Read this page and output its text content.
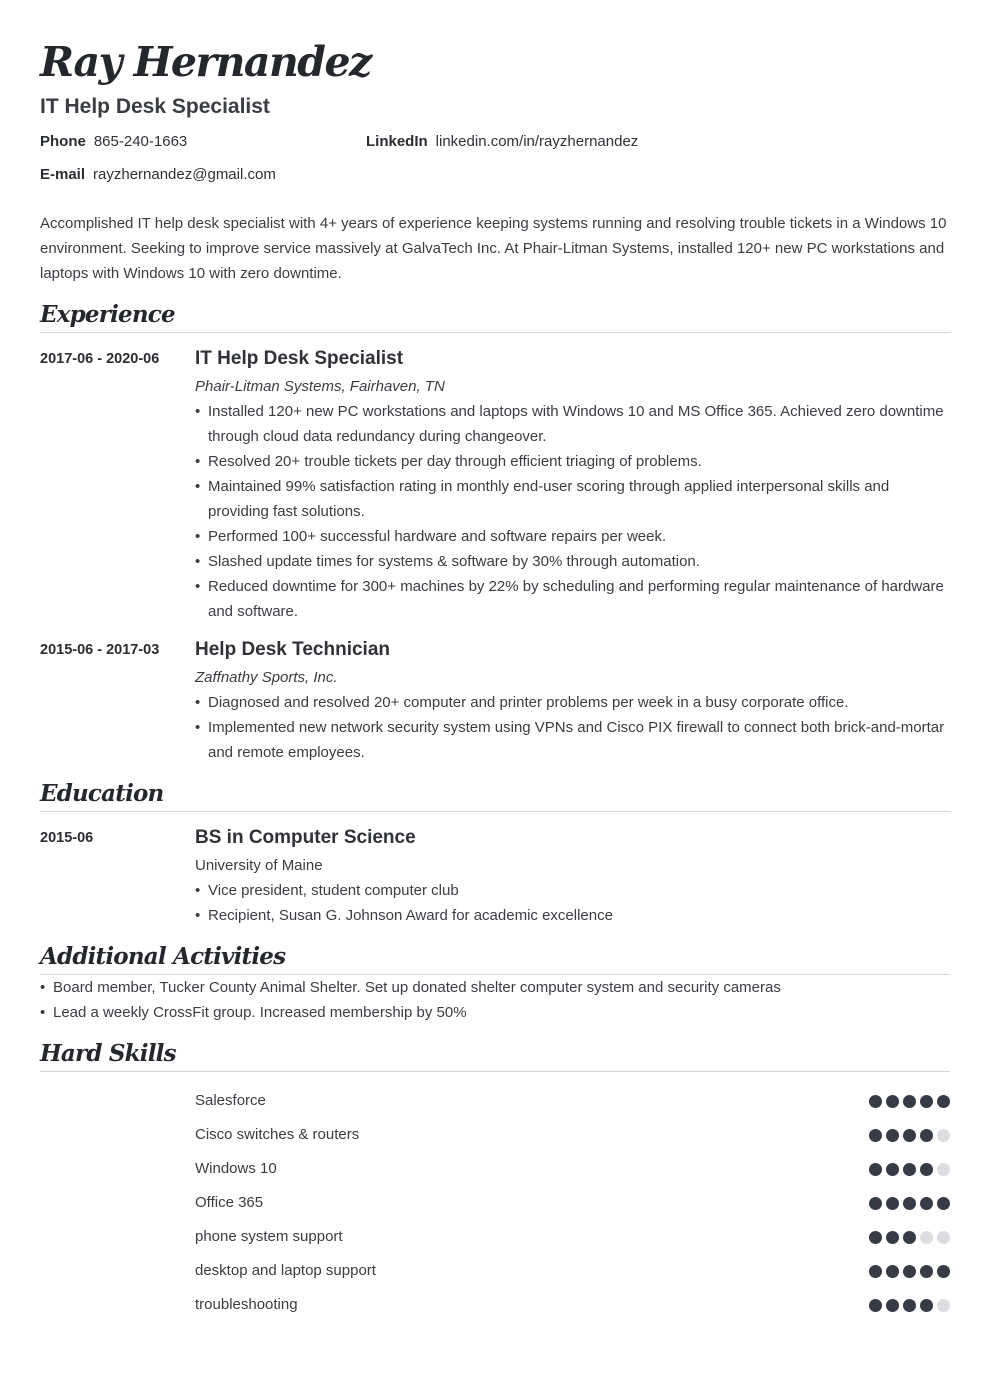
Ray Hernandez
IT Help Desk Specialist
Phone 865-240-1663	LinkedIn linkedin.com/in/rayzhernandez
E-mail rayzhernandez@gmail.com

Accomplished IT help desk specialist with 4+ years of experience keeping systems running and resolving trouble tickets in a Windows 10 environment. Seeking to improve service massively at GalvaTech Inc. At Phair-Litman Systems, installed 120+ new PC workstations and laptops with Windows 10 with zero downtime.

Experience
2017-06 - 2020-06	IT Help Desk Specialist
Phair-Litman Systems, Fairhaven, TN
• Installed 120+ new PC workstations and laptops with Windows 10 and MS Office 365. Achieved zero downtime through cloud data redundancy during changeover.
• Resolved 20+ trouble tickets per day through efficient triaging of problems.
• Maintained 99% satisfaction rating in monthly end-user scoring through applied interpersonal skills and providing fast solutions.
• Performed 100+ successful hardware and software repairs per week.
• Slashed update times for systems & software by 30% through automation.
• Reduced downtime for 300+ machines by 22% by scheduling and performing regular maintenance of hardware and software.
2015-06 - 2017-03	Help Desk Technician
Zaffnathy Sports, Inc.
• Diagnosed and resolved 20+ computer and printer problems per week in a busy corporate office.
• Implemented new network security system using VPNs and Cisco PIX firewall to connect both brick-and-mortar and remote employees.
Education
2015-06	BS in Computer Science
University of Maine
• Vice president, student computer club
• Recipient, Susan G. Johnson Award for academic excellence
Additional Activities
• Board member, Tucker County Animal Shelter. Set up donated shelter computer system and security cameras
• Lead a weekly CrossFit group. Increased membership by 50%
Hard Skills
Salesforce
Cisco switches & routers
Windows 10
Office 365
phone system support
desktop and laptop support
troubleshooting
